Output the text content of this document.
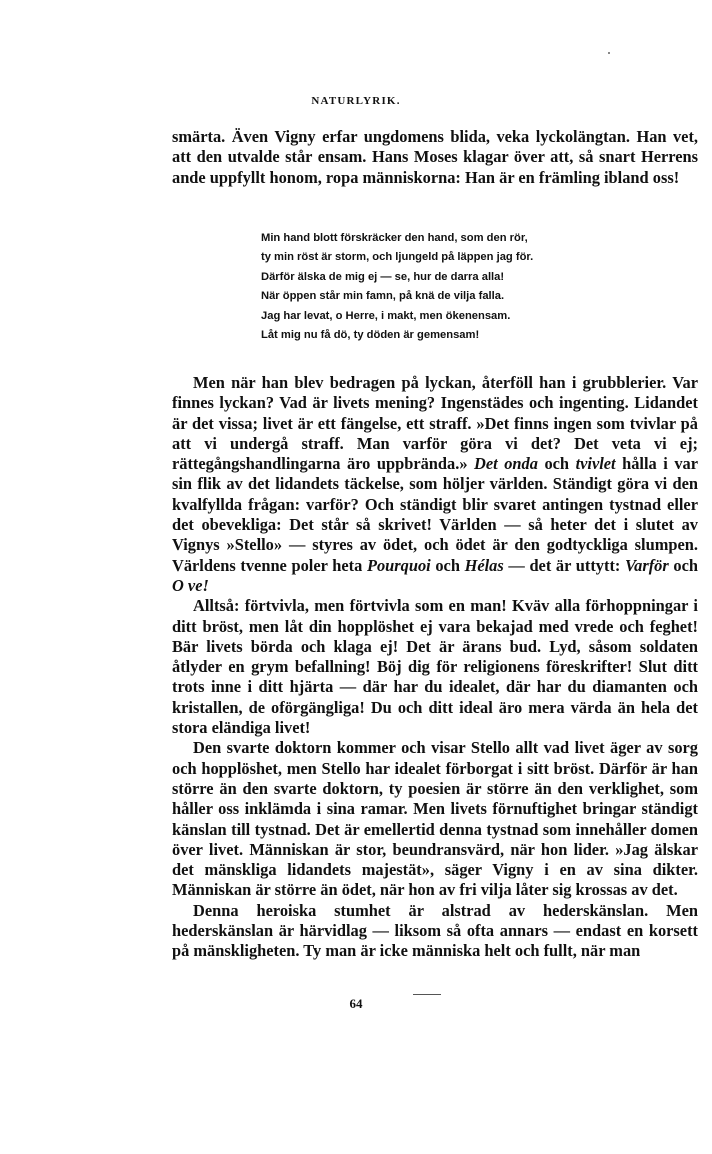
NATURLYRIK.

smärta. Även Vigny erfar ungdomens blida, veka lyckolängtan. Han vet, att den utvalde står ensam. Hans Moses klagar över att, så snart Herrens ande uppfyllt honom, ropa människorna: Han är en främling ibland oss!

Min hand blott förskräcker den hand, som den rör,
ty min röst är storm, och ljungeld på läppen jag för.
Därför älska de mig ej — se, hur de darra alla!
När öppen står min famn, på knä de vilja falla.
Jag har levat, o Herre, i makt, men ökenensam.
Låt mig nu få dö, ty döden är gemensam!

Men när han blev bedragen på lyckan, återföll han i grubblerier. Var finnes lyckan? Vad är livets mening? Ingenstädes och ingenting. Lidandet är det vissa; livet är ett fängelse, ett straff. »Det finns ingen som tvivlar på att vi undergå straff. Man varför göra vi det? Det veta vi ej; rättegångshandlingarna äro uppbrända.» Det onda och tvivlet hålla i var sin flik av det lidandets täckelse, som höljer världen. Ständigt göra vi den kvalfyllda frågan: varför? Och ständigt blir svaret antingen tystnad eller det obevekliga: Det står så skrivet! Världen — så heter det i slutet av Vignys »Stello» — styres av ödet, och ödet är den godtyckliga slumpen. Världens tvenne poler heta Pourquoi och Hélas — det är uttytt: Varför och O ve!

Alltså: förtvivla, men förtvivla som en man! Kväv alla förhoppningar i ditt bröst, men låt din hopplöshet ej vara bekajad med vrede och feghet! Bär livets börda och klaga ej! Det är ärans bud. Lyd, såsom soldaten åtlyder en grym befallning! Böj dig för religionens föreskrifter! Slut ditt trots inne i ditt hjärta — där har du idealet, där har du diamanten och kristallen, de oförgängliga! Du och ditt ideal äro mera värda än hela det stora eländiga livet!

Den svarte doktorn kommer och visar Stello allt vad livet äger av sorg och hopplöshet, men Stello har idealet förborgat i sitt bröst. Därför är han större än den svarte doktorn, ty poesien är större än den verklighet, som håller oss inklämda i sina ramar. Men livets förnuftighet bringar ständigt känslan till tystnad. Det är emellertid denna tystnad som innehåller domen över livet. Människan är stor, beundransvärd, när hon lider. »Jag älskar det mänskliga lidandets majestät», säger Vigny i en av sina dikter. Människan är större än ödet, när hon av fri vilja låter sig krossas av det.

Denna heroiska stumhet är alstrad av hederskänslan. Men hederskänslan är härvidlag — liksom så ofta annars — endast en korsett på mänskligheten. Ty man är icke människa helt och fullt, när man

64
